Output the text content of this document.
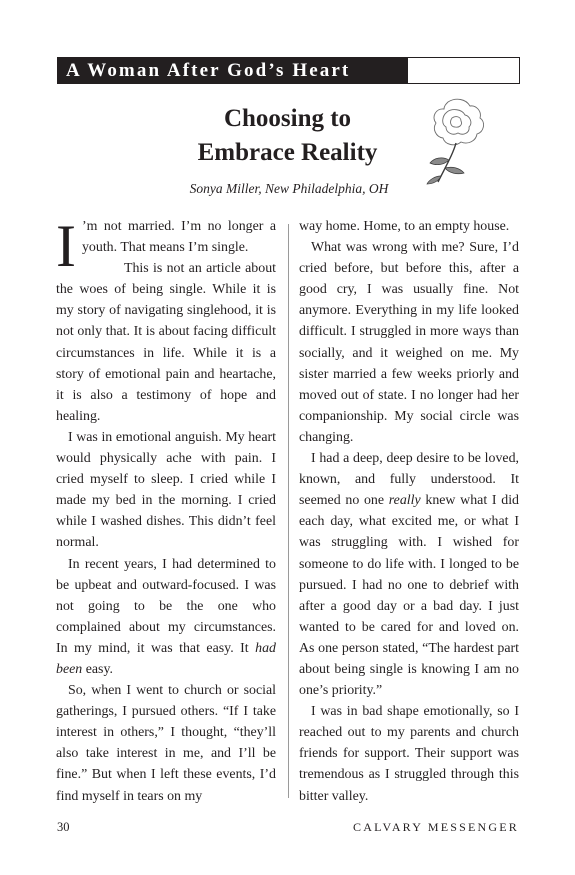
A Woman After God’s Heart
Choosing to
Embrace Reality
Sonya Miller, New Philadelphia, OH

I ’m not married. I’m no longer a youth. That means I’m single.

This is not an article about the woes of being single. While it is my story of navigating singlehood, it is not only that. It is about facing difficult circumstances in life. While it is a story of emotional pain and heartache, it is also a testimony of hope and healing.

I was in emotional anguish. My heart would physically ache with pain. I cried myself to sleep. I cried while I made my bed in the morning. I cried while I washed dishes. This didn’t feel normal.

In recent years, I had determined to be upbeat and outward-focused. I was not going to be the one who complained about my circumstances. In my mind, it was that easy. It had been easy.

So, when I went to church or social gatherings, I pursued others. “If I take interest in others,” I thought, “they’ll also take interest in me, and I’ll be fine.” But when I left these events, I’d find myself in tears on my

way home. Home, to an empty house.

What was wrong with me? Sure, I’d cried before, but before this, after a good cry, I was usually fine. Not anymore. Everything in my life looked difficult. I struggled in more ways than socially, and it weighed on me. My sister married a few weeks priorly and moved out of state. I no longer had her companionship. My social circle was changing.

I had a deep, deep desire to be loved, known, and fully understood. It seemed no one really knew what I did each day, what excited me, or what I was struggling with. I wished for someone to do life with. I longed to be pursued. I had no one to debrief with after a good day or a bad day. I just wanted to be cared for and loved on. As one person stated, “The hardest part about being single is knowing I am no one’s priority.”

I was in bad shape emotionally, so I reached out to my parents and church friends for support. Their support was tremendous as I struggled through this bitter valley.

30	CALVARY MESSENGER
